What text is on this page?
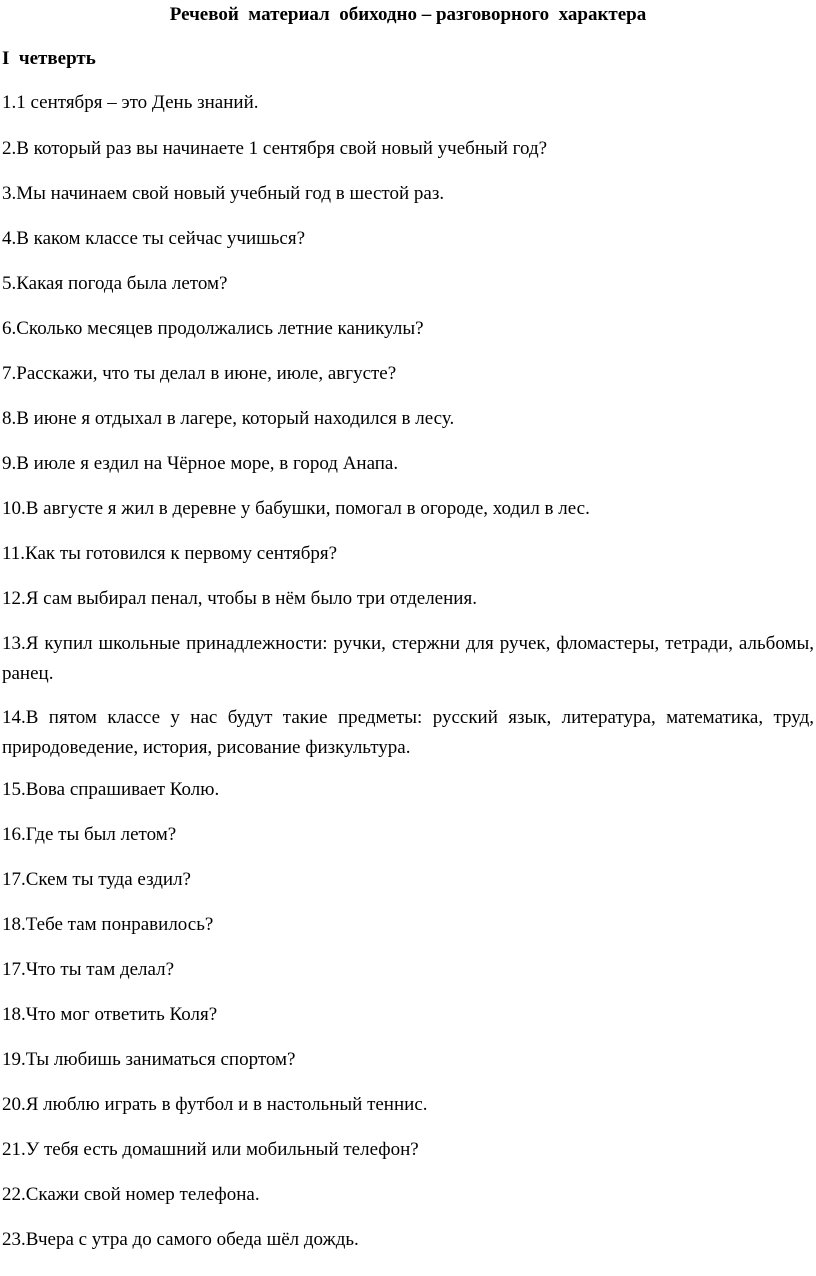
Речевой  материал  обиходно – разговорного  характера
I  четверть
1.1 сентября – это День знаний.
2.В который раз вы начинаете 1 сентября свой новый учебный год?
3.Мы начинаем свой новый учебный год в шестой раз.
4.В каком классе ты сейчас учишься?
5.Какая погода была летом?
6.Сколько месяцев продолжались летние каникулы?
7.Расскажи, что ты делал в июне, июле, августе?
8.В июне я отдыхал в лагере, который находился в лесу.
9.В июле я ездил на Чёрное море, в город Анапа.
10.В августе я жил в деревне у бабушки, помогал в огороде, ходил в лес.
11.Как ты готовился к первому сентября?
12.Я сам выбирал пенал, чтобы в нём было три отделения.
13.Я купил школьные принадлежности: ручки, стержни для ручек, фломастеры, тетради, альбомы, ранец.
14.В пятом классе у нас будут такие предметы: русский язык, литература, математика, труд, природоведение, история, рисование физкультура.
15.Вова спрашивает Колю.
16.Где ты был летом?
17.Скем ты туда ездил?
18.Тебе там понравилось?
17.Что ты там делал?
18.Что мог ответить Коля?
19.Ты любишь заниматься спортом?
20.Я люблю играть в футбол и в настольный теннис.
21.У тебя есть домашний или мобильный телефон?
22.Скажи свой номер телефона.
23.Вчера с утра до самого обеда шёл дождь.
